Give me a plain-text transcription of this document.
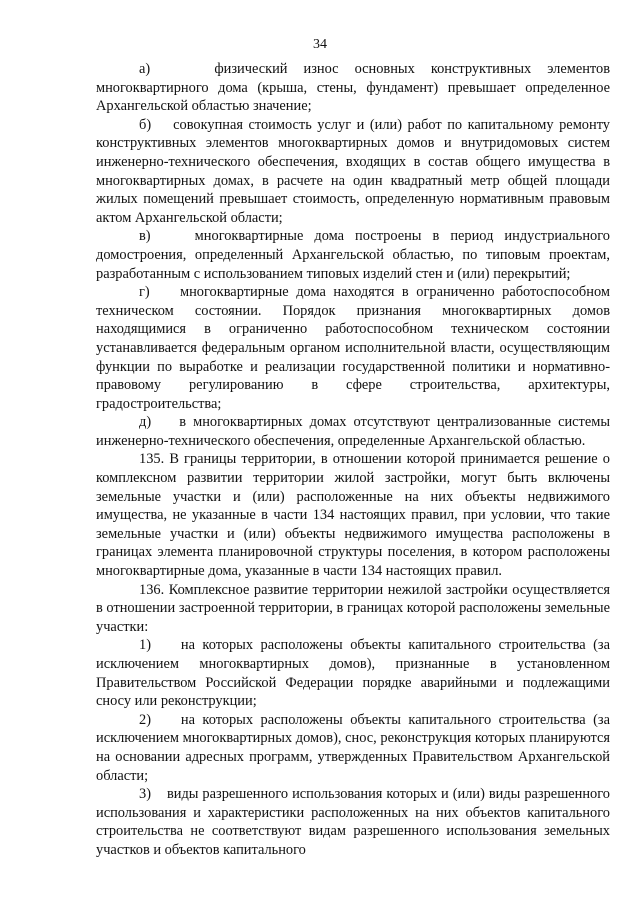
34

а)    физический износ основных конструктивных элементов многоквартирного дома (крыша, стены, фундамент) превышает определенное Архангельской областью значение;

б)    совокупная стоимость услуг и (или) работ по капитальному ремонту конструктивных элементов многоквартирных домов и внутридомовых систем инженерно-технического обеспечения, входящих в состав общего имущества в многоквартирных домах, в расчете на один квадратный метр общей площади жилых помещений превышает стоимость, определенную нормативным правовым актом Архангельской области;

в)    многоквартирные дома построены в период индустриального домостроения, определенный Архангельской областью, по типовым проектам, разработанным с использованием типовых изделий стен и (или) перекрытий;

г)    многоквартирные дома находятся в ограниченно работоспособном техническом состоянии. Порядок признания многоквартирных домов находящимися в ограниченно работоспособном техническом состоянии устанавливается федеральным органом исполнительной власти, осуществляющим функции по выработке и реализации государственной политики и нормативно-правовому регулированию в сфере строительства, архитектуры, градостроительства;

д)    в многоквартирных домах отсутствуют централизованные системы инженерно-технического обеспечения, определенные Архангельской областью.

135. В границы территории, в отношении которой принимается решение о комплексном развитии территории жилой застройки, могут быть включены земельные участки и (или) расположенные на них объекты недвижимого имущества, не указанные в части 134 настоящих правил, при условии, что такие земельные участки и (или) объекты недвижимого имущества расположены в границах элемента планировочной структуры поселения, в котором расположены многоквартирные дома, указанные в части 134 настоящих правил.

136. Комплексное развитие территории нежилой застройки осуществляется в отношении застроенной территории, в границах которой расположены земельные участки:

1)    на которых расположены объекты капитального строительства (за исключением многоквартирных домов), признанные в установленном Правительством Российской Федерации порядке аварийными и подлежащими сносу или реконструкции;

2)    на которых расположены объекты капитального строительства (за исключением многоквартирных домов), снос, реконструкция которых планируются на основании адресных программ, утвержденных Правительством Архангельской области;

3)    виды разрешенного использования которых и (или) виды разрешенного использования и характеристики расположенных на них объектов капитального строительства не соответствуют видам разрешенного использования земельных участков и объектов капитального
